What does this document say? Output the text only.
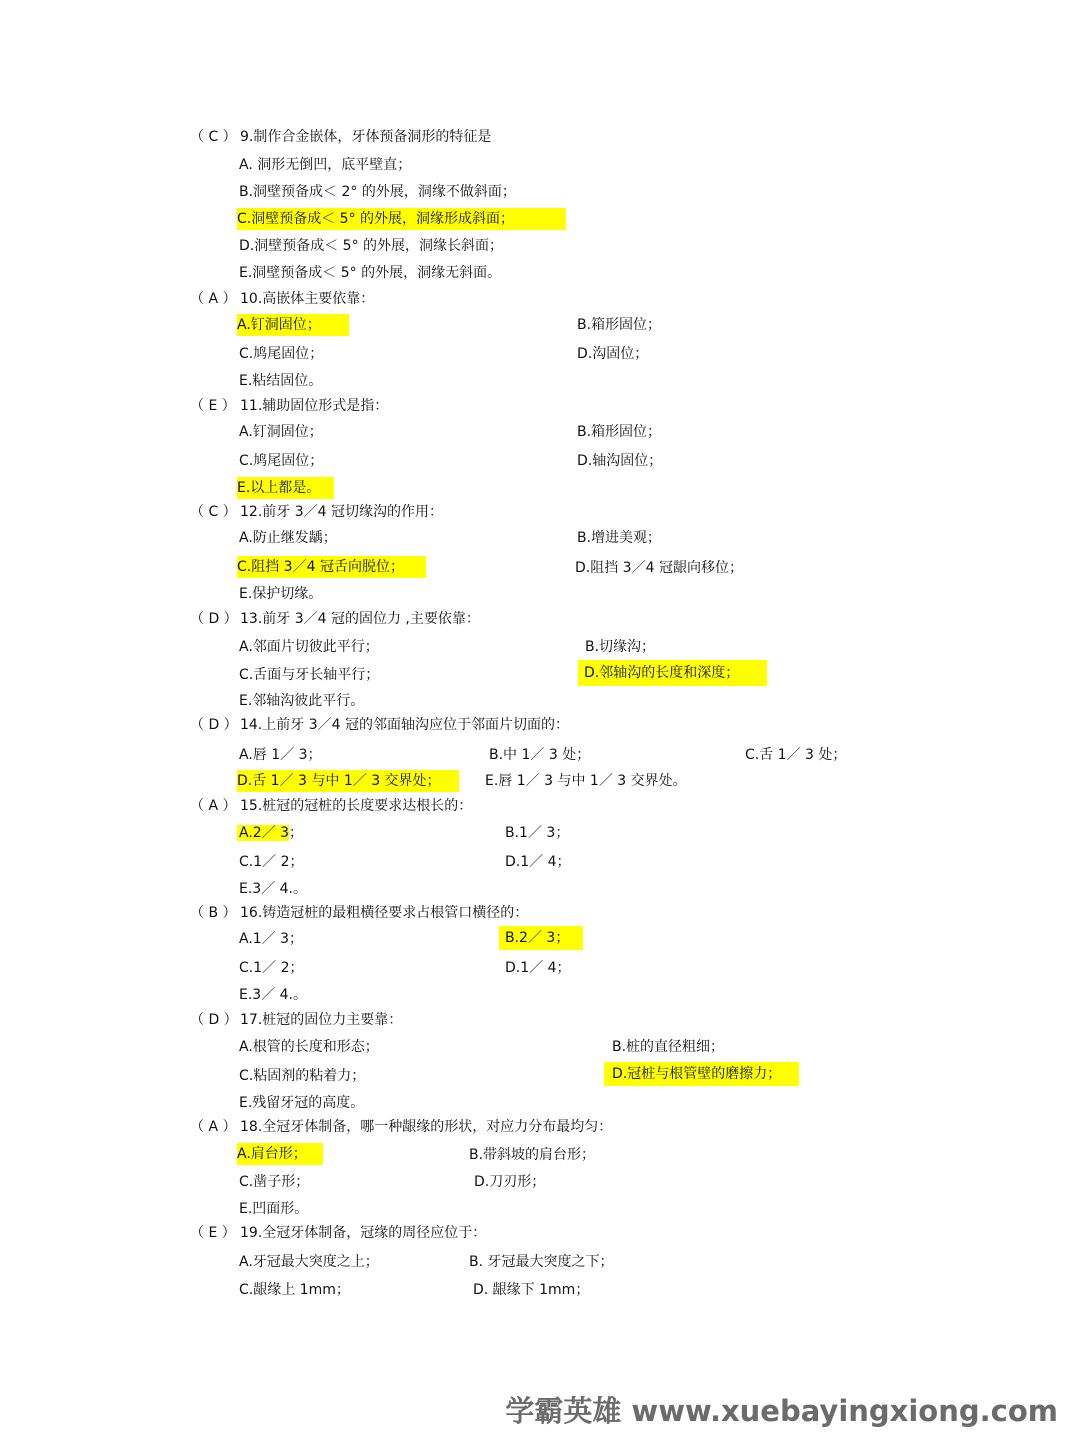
（ C ） 9.制作合金嵌体，牙体预备洞形的特征是
A. 洞形无倒凹，底平壁直；
B.洞壁预备成＜ 2° 的外展，洞缘不做斜面；
C.洞壁预备成＜ 5° 的外展，洞缘形成斜面；
D.洞壁预备成＜ 5° 的外展，洞缘长斜面；
E.洞壁预备成＜ 5° 的外展，洞缘无斜面。
（ A ） 10.高嵌体主要依靠：
A.钉洞固位；	B.箱形固位；
C.鸠尾固位；	D.沟固位；
E.粘结固位。
（ E ） 11.辅助固位形式是指：
A.钉洞固位；	B.箱形固位；
C.鸠尾固位；	D.轴沟固位；
E.以上都是。
（ C ） 12.前牙 3／4 冠切缘沟的作用：
A.防止继发龋；	B.增进美观；
C.阻挡 3／4 冠舌向脱位；	D.阻挡 3／4 冠龈向移位；
E.保护切缘。
（ D ） 13.前牙 3／4 冠的固位力 ,主要依靠：
A.邻面片切彼此平行；	B.切缘沟；
C.舌面与牙长轴平行；	D.邻轴沟的长度和深度；
E.邻轴沟彼此平行。
（ D ） 14.上前牙 3／4 冠的邻面轴沟应位于邻面片切面的：
A.唇 1／ 3；	B.中 1／ 3 处；	C.舌 1／ 3 处；
D.舌 1／ 3 与中 1／ 3 交界处；	E.唇 1／ 3 与中 1／ 3 交界处。
（ A ） 15.桩冠的冠桩的长度要求达根长的：
A.2／ 3；	B.1／ 3；
C.1／ 2；	D.1／ 4；
E.3／ 4.。
（ B ） 16.铸造冠桩的最粗横径要求占根管口横径的：
A.1／ 3；	B.2／ 3；
C.1／ 2；	D.1／ 4；
E.3／ 4.。
（ D ） 17.桩冠的固位力主要靠：
A.根管的长度和形态；	B.桩的直径粗细；
C.粘固剂的粘着力；	D.冠桩与根管壁的磨擦力；
E.残留牙冠的高度。
（ A ） 18.全冠牙体制备，哪一种龈缘的形状，对应力分布最均匀：
A.肩台形；	B.带斜坡的肩台形；
C.凿子形；	D.刀刃形；
E.凹面形。
（ E ） 19.全冠牙体制备，冠缘的周径应位于：
A.牙冠最大突度之上；	B. 牙冠最大突度之下；
C.龈缘上 1mm；	D. 龈缘下 1mm；
学霸英雄 www.xuebayingxiong.com
